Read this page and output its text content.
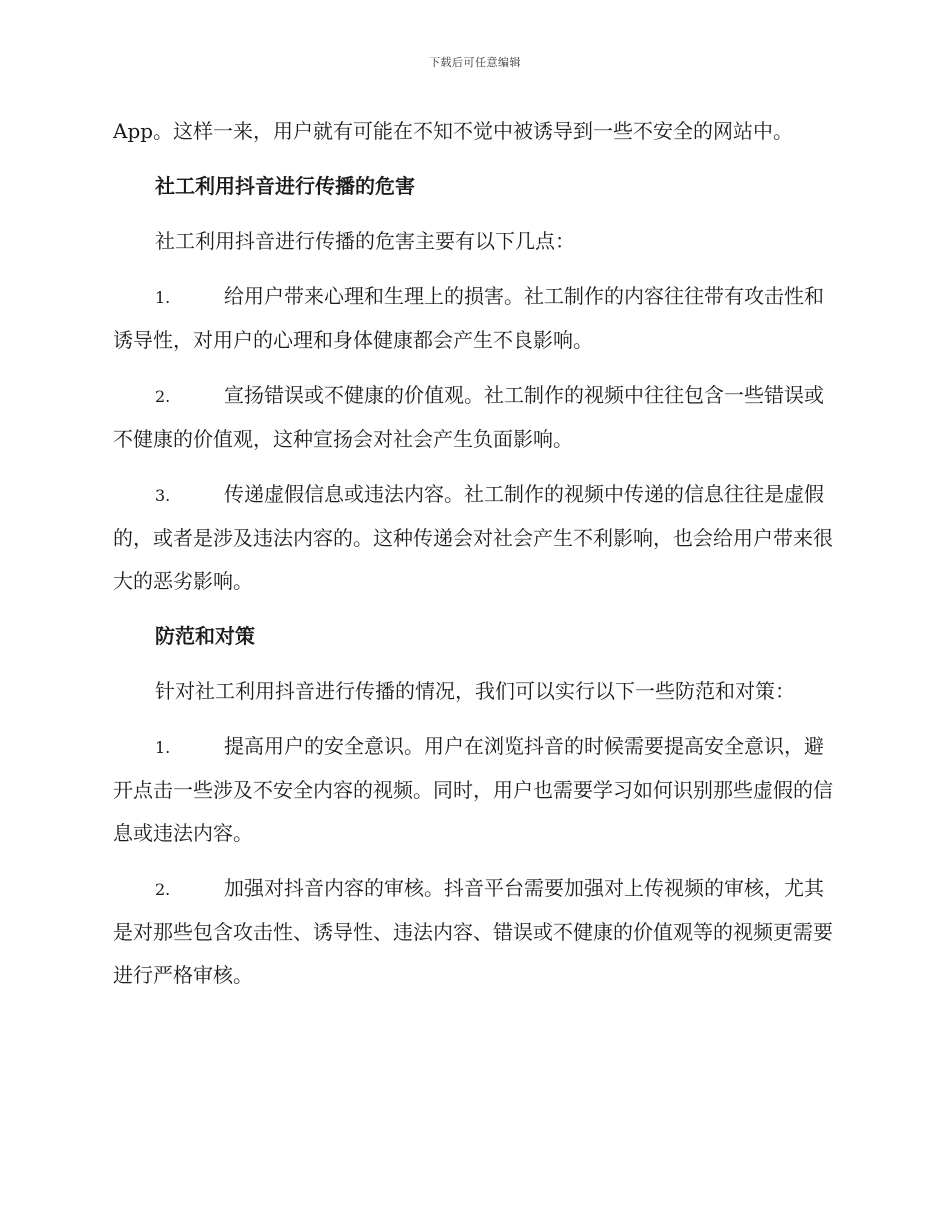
下载后可任意编辑

App。这样一来，用户就有可能在不知不觉中被诱导到一些不安全的网站中。

社工利用抖音进行传播的危害

社工利用抖音进行传播的危害主要有以下几点：

1.	给用户带来心理和生理上的损害。社工制作的内容往往带有攻击性和诱导性，对用户的心理和身体健康都会产生不良影响。

2.	宣扬错误或不健康的价值观。社工制作的视频中往往包含一些错误或不健康的价值观，这种宣扬会对社会产生负面影响。

3.	传递虚假信息或违法内容。社工制作的视频中传递的信息往往是虚假的，或者是涉及违法内容的。这种传递会对社会产生不利影响，也会给用户带来很大的恶劣影响。

防范和对策

针对社工利用抖音进行传播的情况，我们可以实行以下一些防范和对策：

1.	提高用户的安全意识。用户在浏览抖音的时候需要提高安全意识，避开点击一些涉及不安全内容的视频。同时，用户也需要学习如何识别那些虚假的信息或违法内容。

2.	加强对抖音内容的审核。抖音平台需要加强对上传视频的审核，尤其是对那些包含攻击性、诱导性、违法内容、错误或不健康的价值观等的视频更需要进行严格审核。
